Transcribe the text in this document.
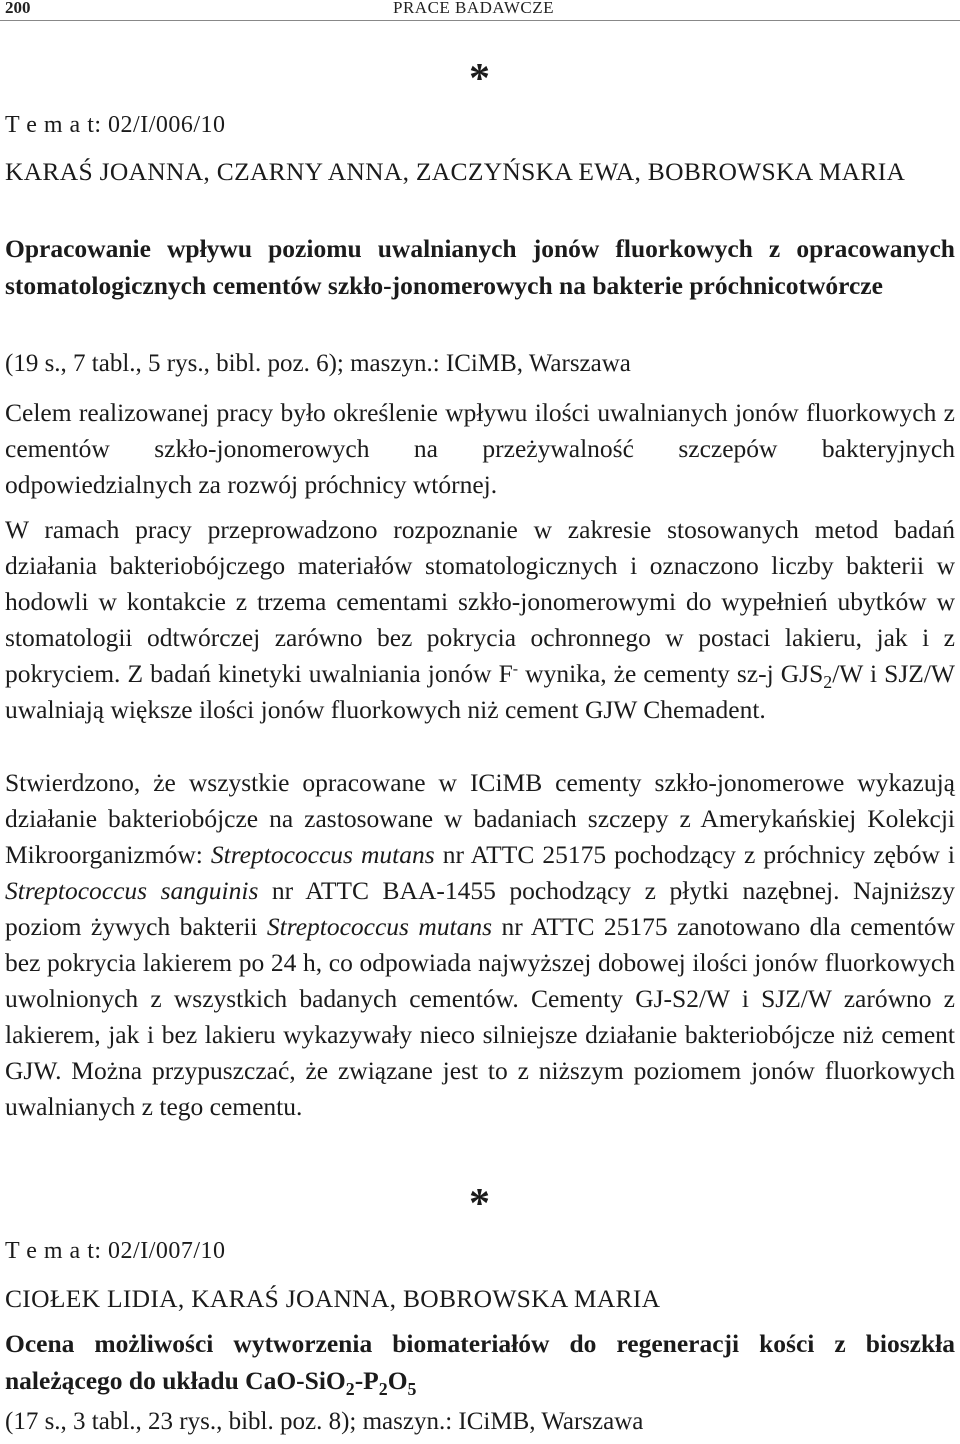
200	PRACE BADAWCZE
*
T e m a t: 02/I/006/10
KARAŚ JOANNA, CZARNY ANNA, ZACZYŃSKA EWA, BOBROWSKA MARIA
Opracowanie wpływu poziomu uwalnianych jonów fluorkowych z opracowanych stomatologicznych cementów szkło-jonomerowych na bakterie próchnicotwórcze
(19 s., 7 tabl., 5 rys., bibl. poz. 6); maszyn.: ICiMB, Warszawa
Celem realizowanej pracy było określenie wpływu ilości uwalnianych jonów fluorkowych z cementów szkło-jonomerowych na przeżywalność szczepów bakteryjnych odpowiedzialnych za rozwój próchnicy wtórnej.
W ramach pracy przeprowadzono rozpoznanie w zakresie stosowanych metod badań działania bakteriobójczego materiałów stomatologicznych i oznaczono liczby bakterii w hodowli w kontakcie z trzema cementami szkło-jonomerowymi do wypełnień ubytków w stomatologii odtwórczej zarówno bez pokrycia ochronnego w postaci lakieru, jak i z pokryciem. Z badań kinetyki uwalniania jonów F- wynika, że cementy sz-j $GJS_2/W$ i SJZ/W uwalniają większe ilości jonów fluorkowych niż cement GJW Chemadent.
Stwierdzono, że wszystkie opracowane w ICiMB cementy szkło-jonomerowe wykazują działanie bakteriobójcze na zastosowane w badaniach szczepy z Amerykańskiej Kolekcji Mikroorganizmów: Streptococcus mutans nr ATTC 25175 pochodzący z próchnicy zębów i Streptococcus sanguinis nr ATTC BAA-1455 pochodzący z płytki nazębnej. Najniższy poziom żywych bakterii Streptococcus mutans nr ATTC 25175 zanotowano dla cementów bez pokrycia lakierem po 24 h, co odpowiada najwyższej dobowej ilości jonów fluorkowych uwolnionych z wszystkich badanych cementów. Cementy GJ-S2/W i SJZ/W zarówno z lakierem, jak i bez lakieru wykazywały nieco silniejsze działanie bakteriobójcze niż cement GJW. Można przypuszczać, że związane jest to z niższym poziomem jonów fluorkowych uwalnianych z tego cementu.
*
T e m a t: 02/I/007/10
CIOŁEK LIDIA, KARAŚ JOANNA, BOBROWSKA MARIA
Ocena możliwości wytworzenia biomateriałów do regeneracji kości z bioszkła należącego do układu CaO-$SiO_2-P_2O_5$
(17 s., 3 tabl., 23 rys., bibl. poz. 8); maszyn.: ICiMB, Warszawa
